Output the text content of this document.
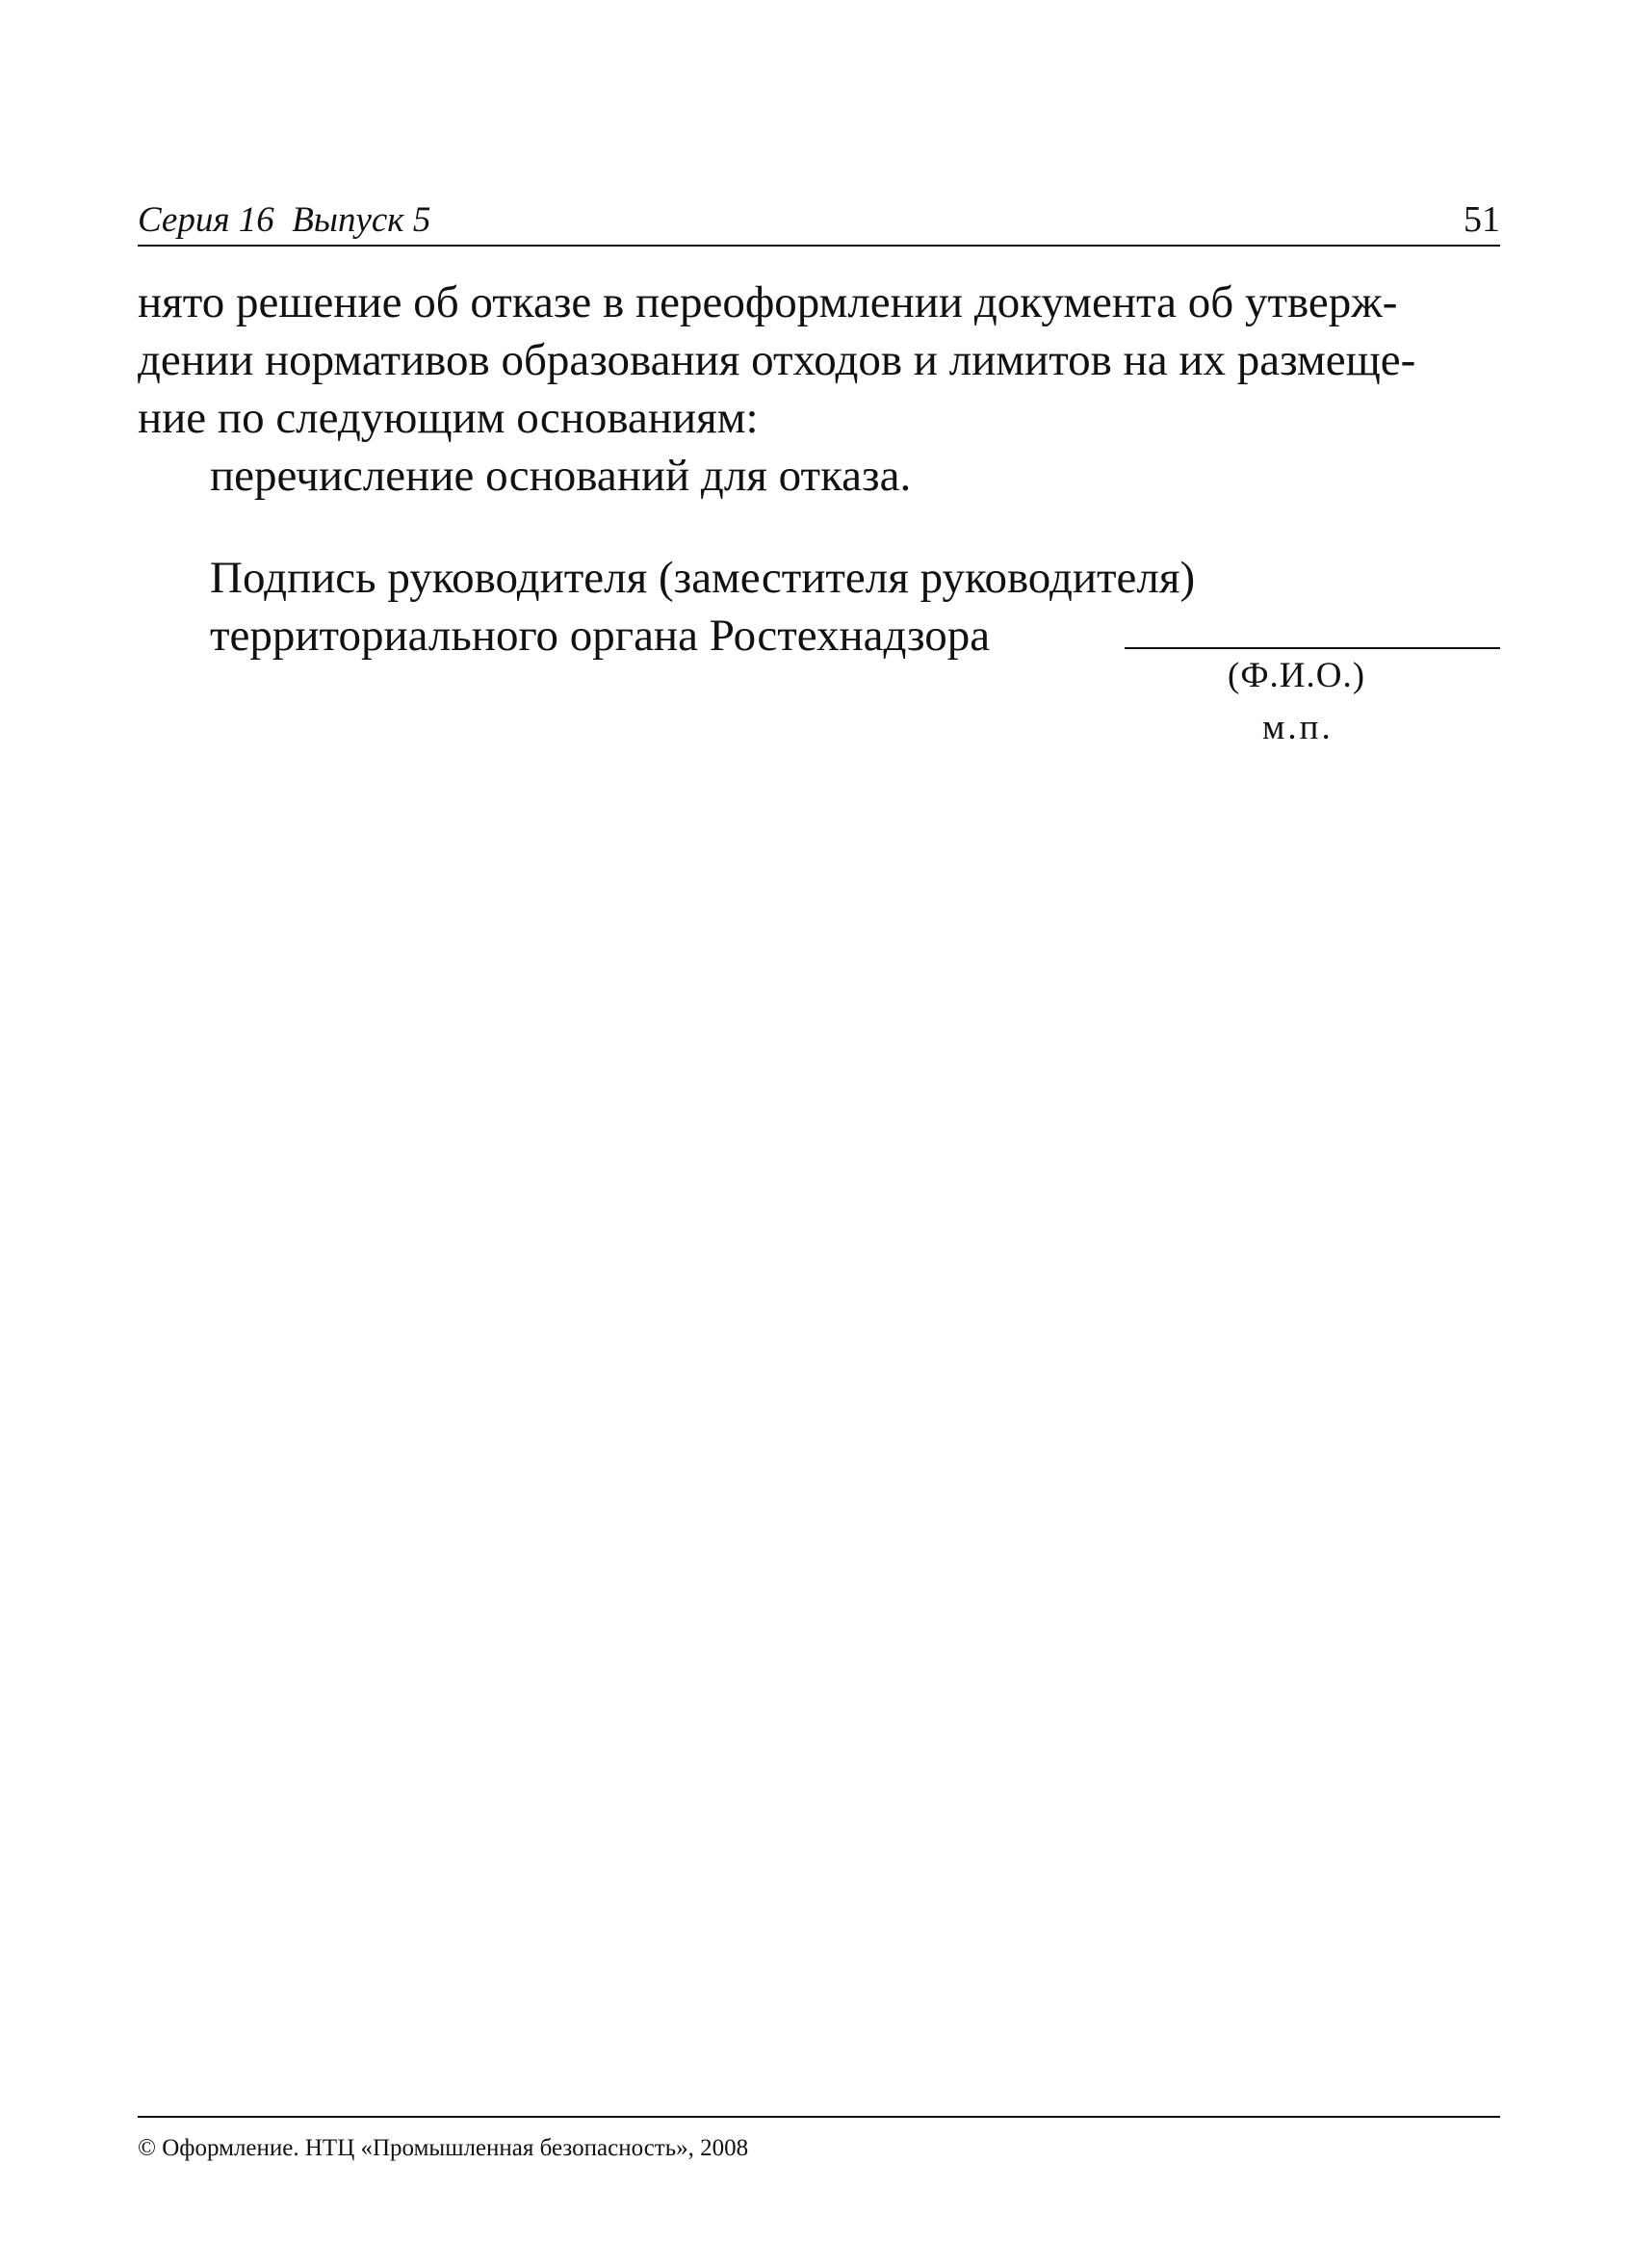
Серия 16  Выпуск 5	51
нято решение об отказе в переоформлении документа об утверж-
дении нормативов образования отходов и лимитов на их размеще-
ние по следующим основаниям:
перечисление оснований для отказа.
Подпись руководителя (заместителя руководителя)
территориального органа Ростехнадзора
(Ф.И.О.)
м.п.
© Оформление. НТЦ «Промышленная безопасность», 2008
